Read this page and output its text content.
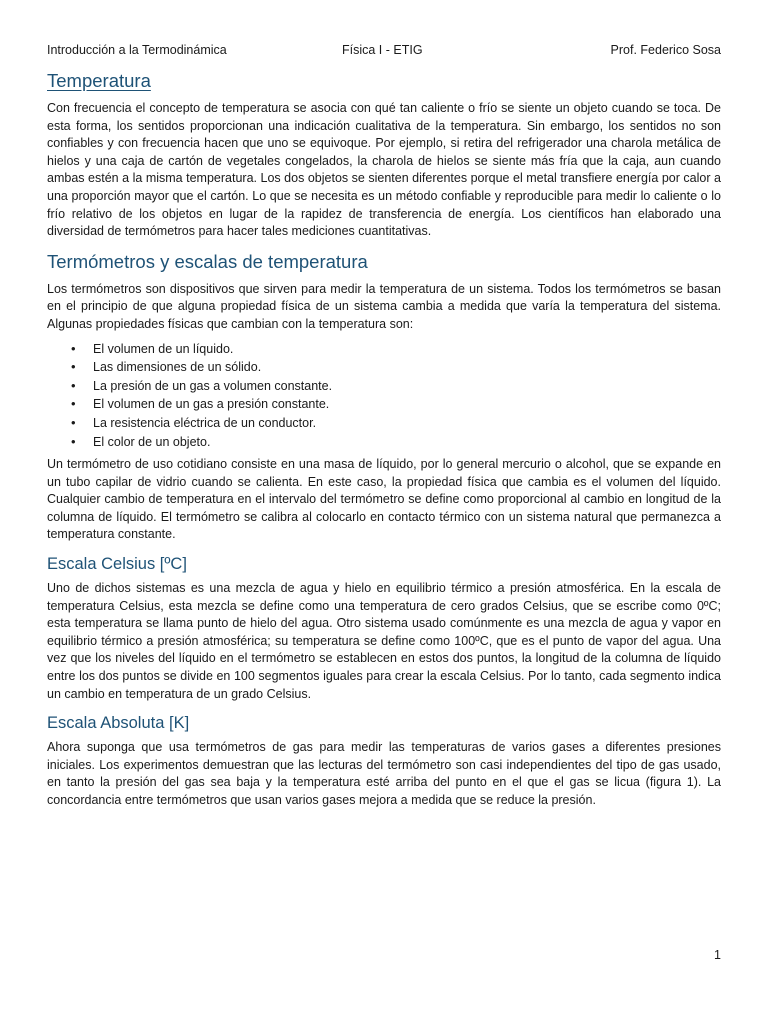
Introducción a la Termodinámica	Física I - ETIG	Prof. Federico Sosa
Temperatura

Con frecuencia el concepto de temperatura se asocia con qué tan caliente o frío se siente un objeto cuando se toca. De esta forma, los sentidos proporcionan una indicación cualitativa de la temperatura. Sin embargo, los sentidos no son confiables y con frecuencia hacen que uno se equivoque. Por ejemplo, si retira del refrigerador una charola metálica de hielos y una caja de cartón de vegetales congelados, la charola de hielos se siente más fría que la caja, aun cuando ambas estén a la misma temperatura. Los dos objetos se sienten diferentes porque el metal transfiere energía por calor a una proporción mayor que el cartón. Lo que se necesita es un método confiable y reproducible para medir lo caliente o lo frío relativo de los objetos en lugar de la rapidez de transferencia de energía. Los científicos han elaborado una diversidad de termómetros para hacer tales mediciones cuantitativas.

Termómetros y escalas de temperatura

Los termómetros son dispositivos que sirven para medir la temperatura de un sistema. Todos los termómetros se basan en el principio de que alguna propiedad física de un sistema cambia a medida que varía la temperatura del sistema. Algunas propiedades físicas que cambian con la temperatura son:

• El volumen de un líquido.
• Las dimensiones de un sólido.
• La presión de un gas a volumen constante.
• El volumen de un gas a presión constante.
• La resistencia eléctrica de un conductor.
• El color de un objeto.

Un termómetro de uso cotidiano consiste en una masa de líquido, por lo general mercurio o alcohol, que se expande en un tubo capilar de vidrio cuando se calienta. En este caso, la propiedad física que cambia es el volumen del líquido. Cualquier cambio de temperatura en el intervalo del termómetro se define como proporcional al cambio en longitud de la columna de líquido. El termómetro se calibra al colocarlo en contacto térmico con un sistema natural que permanezca a temperatura constante.

Escala Celsius [ºC]

Uno de dichos sistemas es una mezcla de agua y hielo en equilibrio térmico a presión atmosférica. En la escala de temperatura Celsius, esta mezcla se define como una temperatura de cero grados Celsius, que se escribe como 0ºC; esta temperatura se llama punto de hielo del agua. Otro sistema usado comúnmente es una mezcla de agua y vapor en equilibrio térmico a presión atmosférica; su temperatura se define como 100ºC, que es el punto de vapor del agua. Una vez que los niveles del líquido en el termómetro se establecen en estos dos puntos, la longitud de la columna de líquido entre los dos puntos se divide en 100 segmentos iguales para crear la escala Celsius. Por lo tanto, cada segmento indica un cambio en temperatura de un grado Celsius.

Escala Absoluta [K]

Ahora suponga que usa termómetros de gas para medir las temperaturas de varios gases a diferentes presiones iniciales. Los experimentos demuestran que las lecturas del termómetro son casi independientes del tipo de gas usado, en tanto la presión del gas sea baja y la temperatura esté arriba del punto en el que el gas se licua (figura 1). La concordancia entre termómetros que usan varios gases mejora a medida que se reduce la presión.

1
